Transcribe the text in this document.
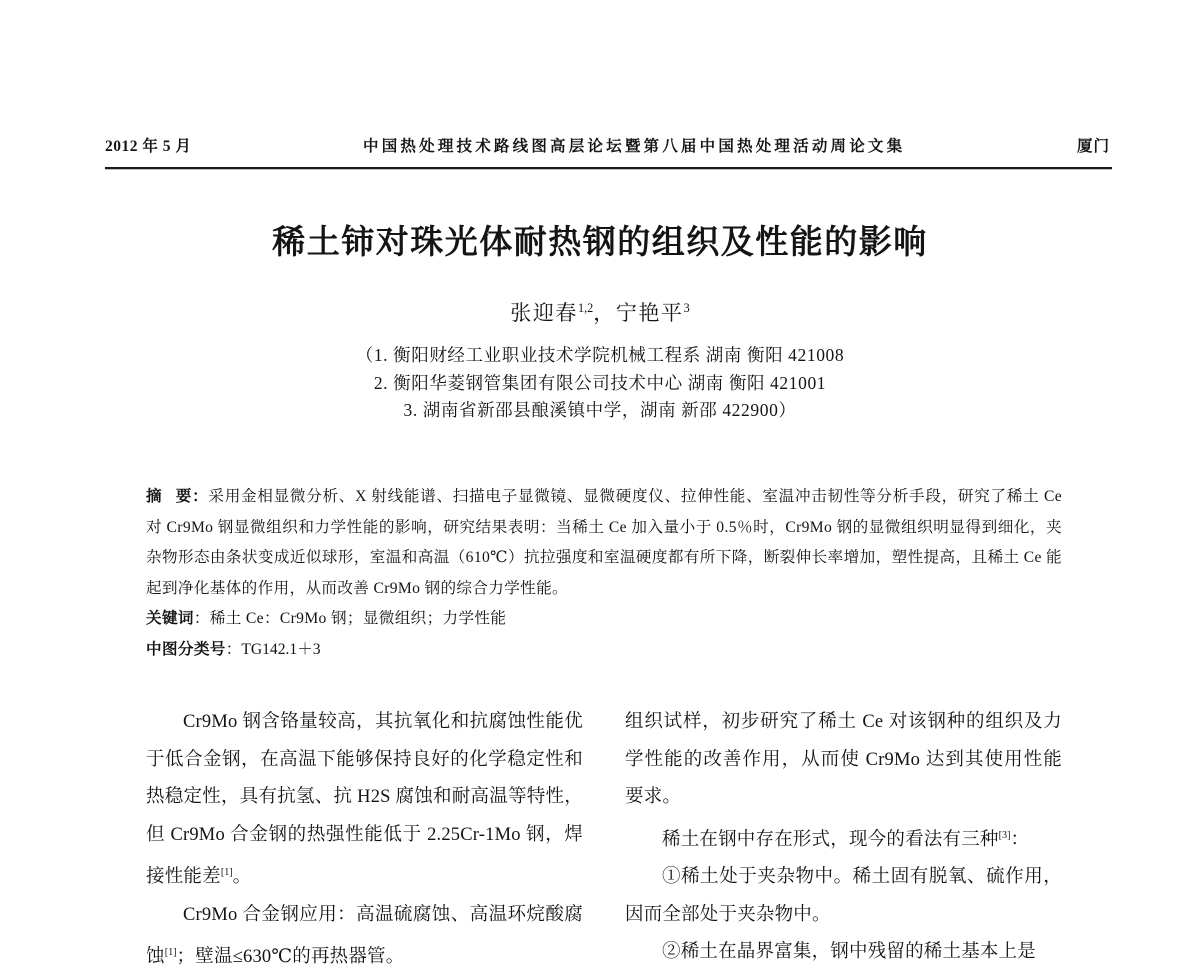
2012 年 5 月	中国热处理技术路线图高层论坛暨第八届中国热处理活动周论文集	厦门
稀土铈对珠光体耐热钢的组织及性能的影响
张迎春$^{1,2}$，宁艳平$^3$
（1. 衡阳财经工业职业技术学院机械工程系 湖南 衡阳 421008
2. 衡阳华菱钢管集团有限公司技术中心 湖南 衡阳 421001
3. 湖南省新邵县酿溪镇中学，湖南 新邵 422900）

摘 要：采用金相显微分析、X 射线能谱、扫描电子显微镜、显微硬度仪、拉伸性能、室温冲击韧性等分析手段，研究了稀土 Ce 对 Cr9Mo 钢显微组织和力学性能的影响，研究结果表明：当稀土 Ce 加入量小于 0.5％时，Cr9Mo 钢的显微组织明显得到细化，夹杂物形态由条状变成近似球形，室温和高温（610℃）抗拉强度和室温硬度都有所下降，断裂伸长率增加，塑性提高，且稀土 Ce 能起到净化基体的作用，从而改善 Cr9Mo 钢的综合力学性能。

关键词：稀土 Ce：Cr9Mo 钢；显微组织；力学性能

中图分类号：TG142.1＋3

Cr9Mo 钢含铬量较高，其抗氧化和抗腐蚀性能优于低合金钢，在高温下能够保持良好的化学稳定性和热稳定性，具有抗氢、抗 H2S 腐蚀和耐高温等特性，但 Cr9Mo 合金钢的热强性能低于 2.25Cr-1Mo 钢，焊接性能差[1]。

Cr9Mo 合金钢应用：高温硫腐蚀、高温环烷酸腐蚀[1]；壁温≤630℃的再热器管。

组织试样，初步研究了稀土 Ce 对该钢种的组织及力学性能的改善作用，从而使 Cr9Mo 达到其使用性能要求。

稀土在钢中存在形式，现今的看法有三种[3]：

①稀土处于夹杂物中。稀土固有脱氧、硫作用，因而全部处于夹杂物中。

②稀土在晶界富集，钢中残留的稀土基本上是
